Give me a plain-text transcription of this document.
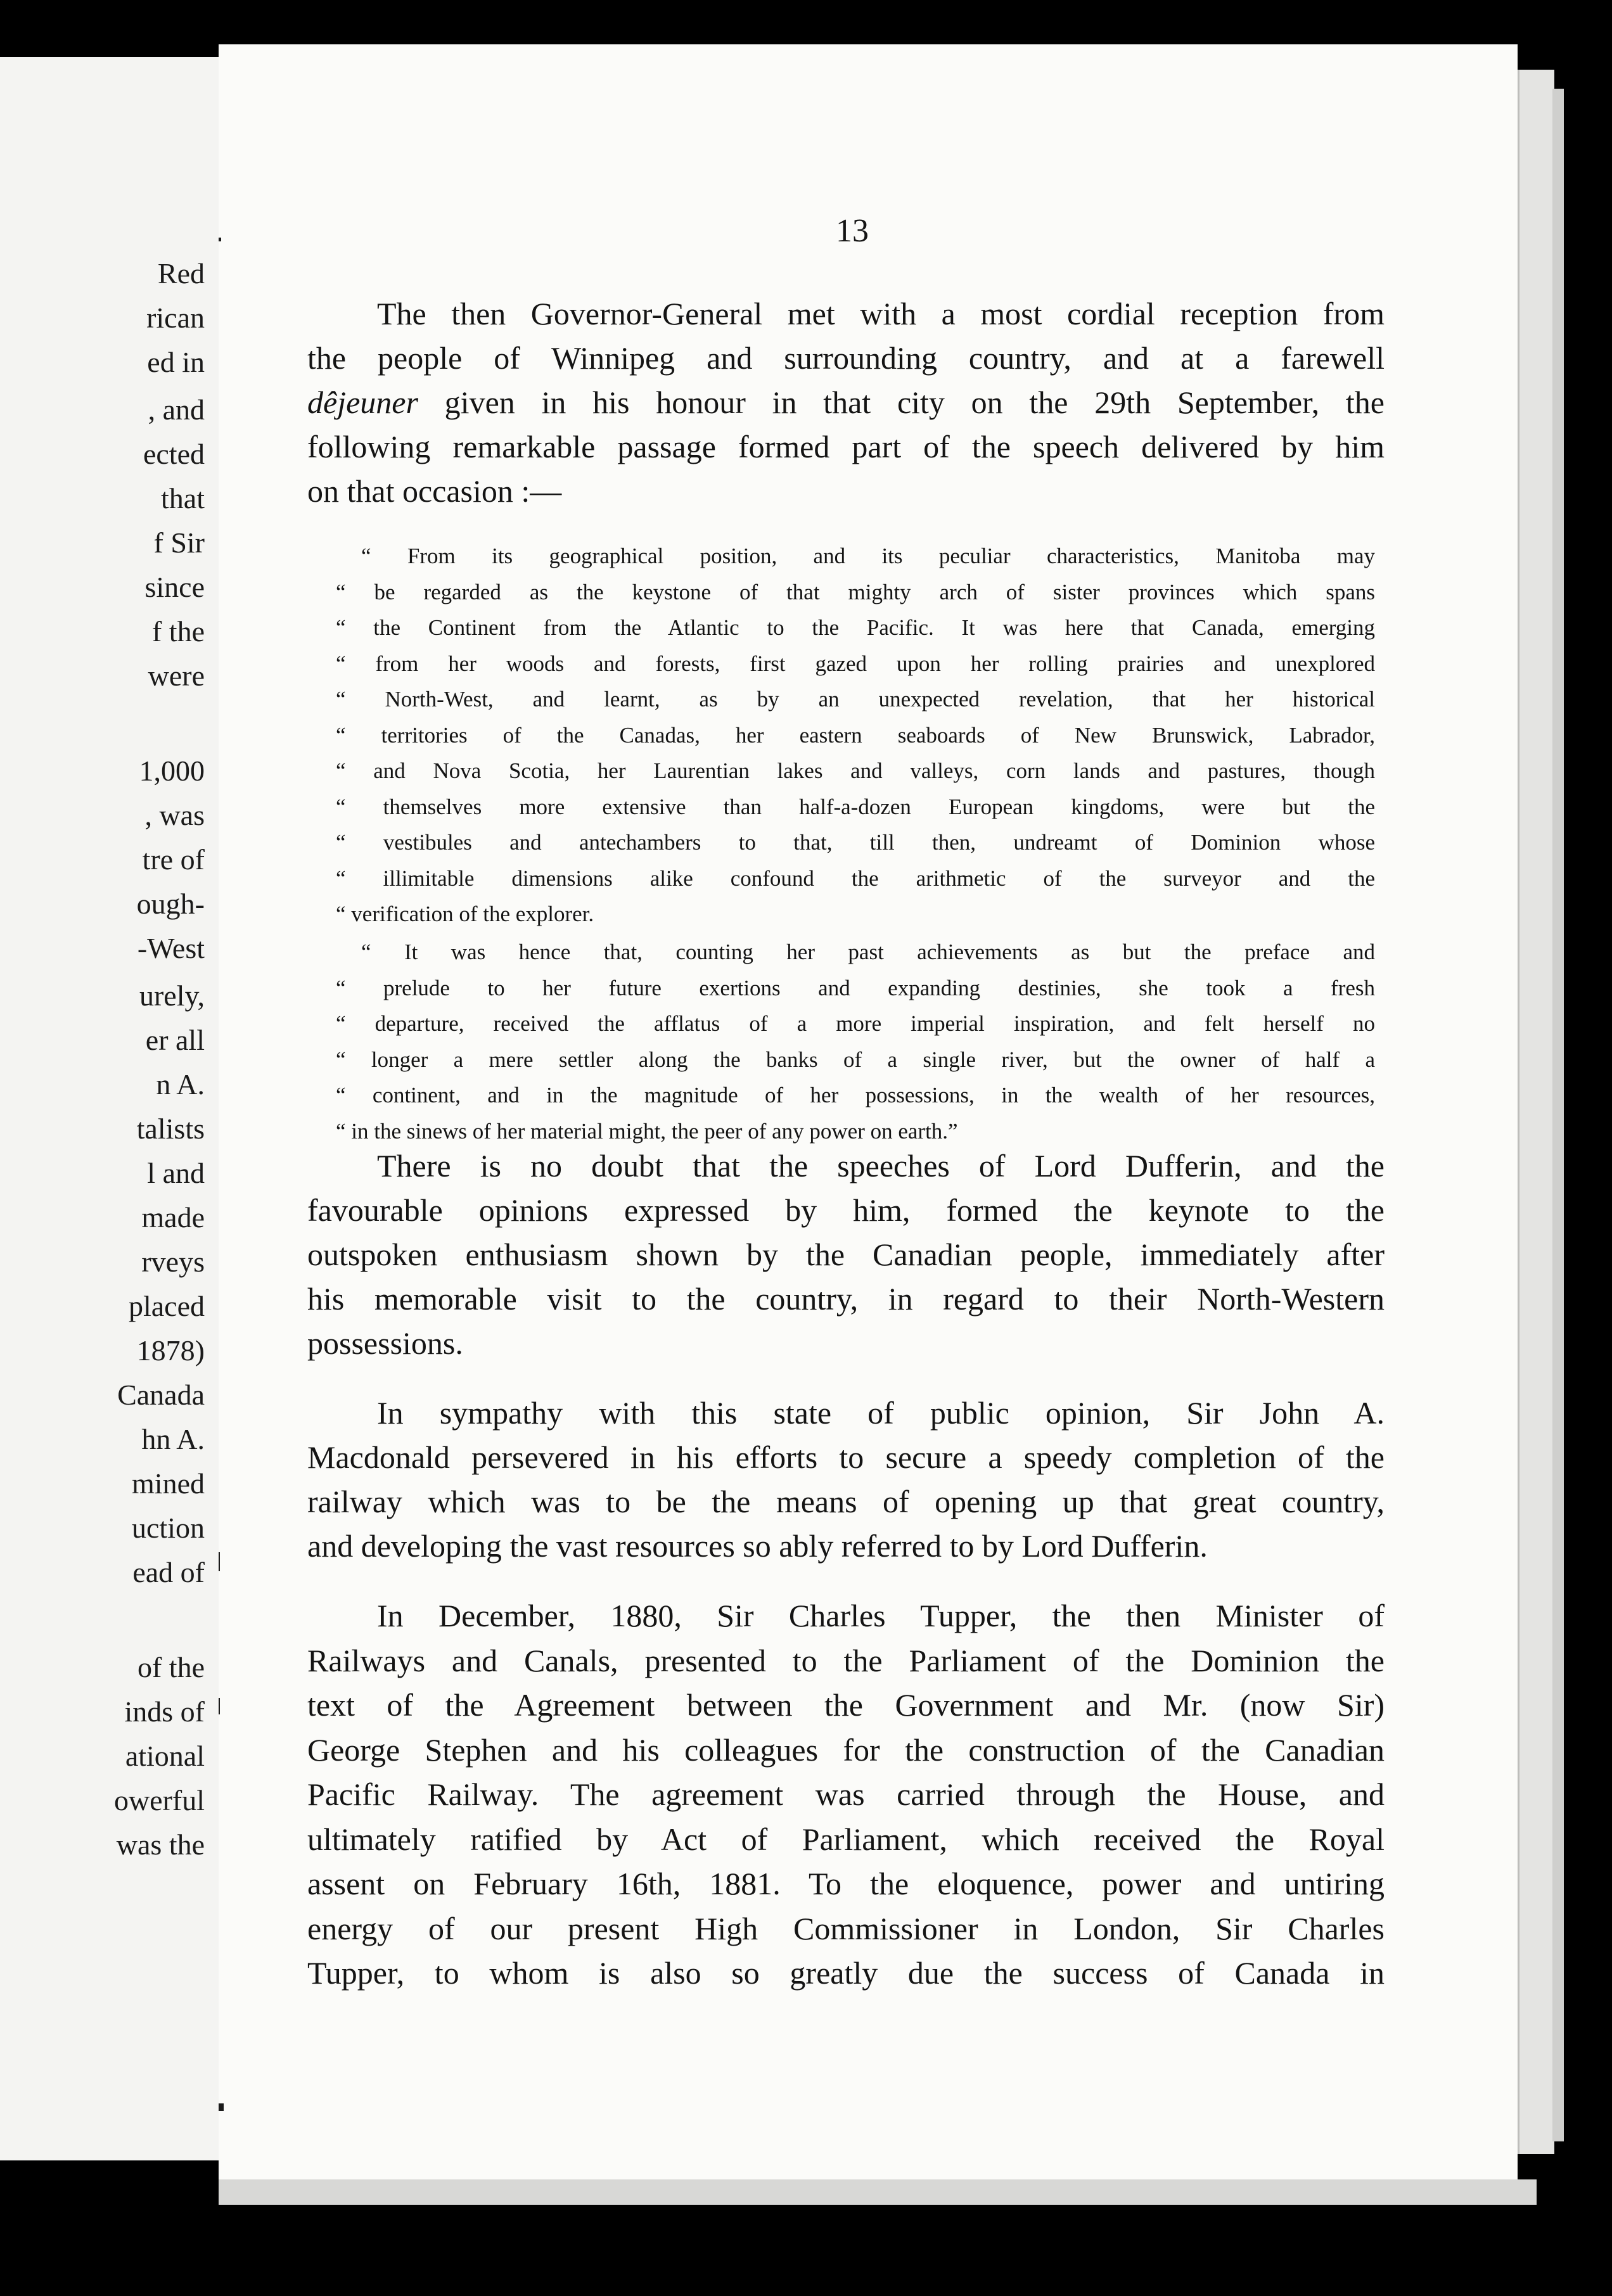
Red
rican
ed in
, and
ected
that
f Sir
since
f the
were
1,000
, was
tre of
ough-
-West
urely,
er all
n A.
talists
l and
made
rveys
placed
1878)
Canada
hn A.
mined
uction
ead of
of the
inds of
ational
owerful
was the
13
The then Governor-General met with a most cordial reception from
the people of Winnipeg and surrounding country, and at a farewell
dêjeuner given in his honour in that city on the 29th September, the
following remarkable passage formed part of the speech delivered by him
on that occasion :—
“ From its geographical position, and its peculiar characteristics, Manitoba may
“ be regarded as the keystone of that mighty arch of sister provinces which spans
“ the Continent from the Atlantic to the Pacific. It was here that Canada, emerging
“ from her woods and forests, first gazed upon her rolling prairies and unexplored
“ North-West, and learnt, as by an unexpected revelation, that her historical
“ territories of the Canadas, her eastern seaboards of New Brunswick, Labrador,
“ and Nova Scotia, her Laurentian lakes and valleys, corn lands and pastures, though
“ themselves more extensive than half-a-dozen European kingdoms, were but the
“ vestibules and antechambers to that, till then, undreamt of Dominion whose
“ illimitable dimensions alike confound the arithmetic of the surveyor and the
“ verification of the explorer.
“ It was hence that, counting her past achievements as but the preface and
“ prelude to her future exertions and expanding destinies, she took a fresh
“ departure, received the afflatus of a more imperial inspiration, and felt herself no
“ longer a mere settler along the banks of a single river, but the owner of half a
“ continent, and in the magnitude of her possessions, in the wealth of her resources,
“ in the sinews of her material might, the peer of any power on earth.”
There is no doubt that the speeches of Lord Dufferin, and the
favourable opinions expressed by him, formed the keynote to the
outspoken enthusiasm shown by the Canadian people, immediately after
his memorable visit to the country, in regard to their North-Western
possessions.
In sympathy with this state of public opinion, Sir John A.
Macdonald persevered in his efforts to secure a speedy completion of the
railway which was to be the means of opening up that great country,
and developing the vast resources so ably referred to by Lord Dufferin.
In December, 1880, Sir Charles Tupper, the then Minister of
Railways and Canals, presented to the Parliament of the Dominion the
text of the Agreement between the Government and Mr. (now Sir)
George Stephen and his colleagues for the construction of the Canadian
Pacific Railway. The agreement was carried through the House, and
ultimately ratified by Act of Parliament, which received the Royal
assent on February 16th, 1881. To the eloquence, power and untiring
energy of our present High Commissioner in London, Sir Charles
Tupper, to whom is also so greatly due the success of Canada in
